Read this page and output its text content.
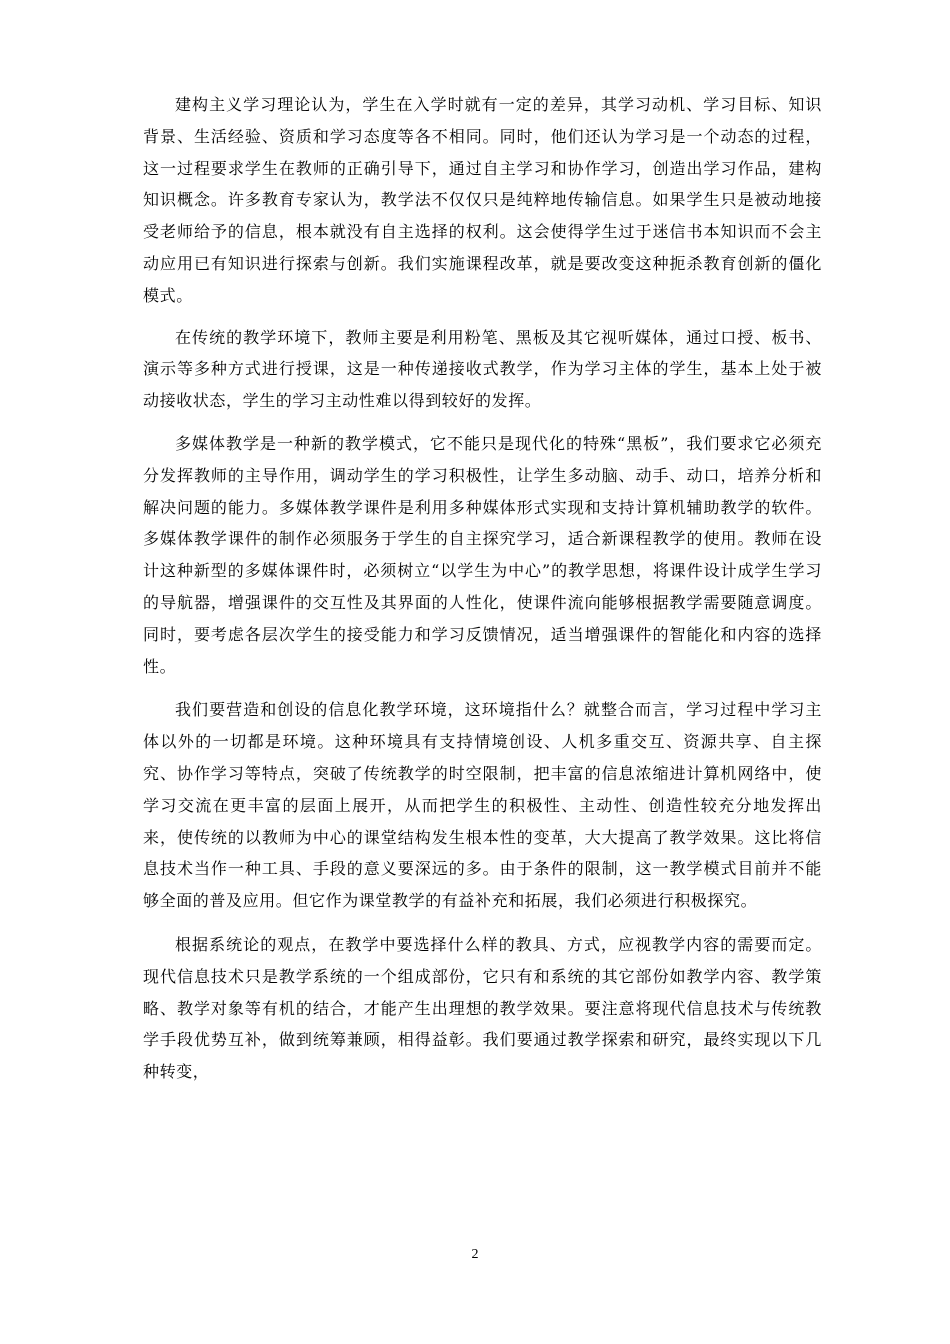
建构主义学习理论认为，学生在入学时就有一定的差异，其学习动机、学习目标、知识背景、生活经验、资质和学习态度等各不相同。同时，他们还认为学习是一个动态的过程，这一过程要求学生在教师的正确引导下，通过自主学习和协作学习，创造出学习作品，建构知识概念。许多教育专家认为，教学法不仅仅只是纯粹地传输信息。如果学生只是被动地接受老师给予的信息，根本就没有自主选择的权利。这会使得学生过于迷信书本知识而不会主动应用已有知识进行探索与创新。我们实施课程改革，就是要改变这种扼杀教育创新的僵化模式。

在传统的教学环境下，教师主要是利用粉笔、黑板及其它视听媒体，通过口授、板书、演示等多种方式进行授课，这是一种传递接收式教学，作为学习主体的学生，基本上处于被动接收状态，学生的学习主动性难以得到较好的发挥。

多媒体教学是一种新的教学模式，它不能只是现代化的特殊“黑板”，我们要求它必须充分发挥教师的主导作用，调动学生的学习积极性，让学生多动脑、动手、动口，培养分析和解决问题的能力。多媒体教学课件是利用多种媒体形式实现和支持计算机辅助教学的软件。多媒体教学课件的制作必须服务于学生的自主探究学习，适合新课程教学的使用。教师在设计这种新型的多媒体课件时，必须树立“以学生为中心”的教学思想，将课件设计成学生学习的导航器，增强课件的交互性及其界面的人性化，使课件流向能够根据教学需要随意调度。同时，要考虑各层次学生的接受能力和学习反馈情况，适当增强课件的智能化和内容的选择性。

我们要营造和创设的信息化教学环境，这环境指什么？就整合而言，学习过程中学习主体以外的一切都是环境。这种环境具有支持情境创设、人机多重交互、资源共享、自主探究、协作学习等特点，突破了传统教学的时空限制，把丰富的信息浓缩进计算机网络中，使学习交流在更丰富的层面上展开，从而把学生的积极性、主动性、创造性较充分地发挥出来，使传统的以教师为中心的课堂结构发生根本性的变革，大大提高了教学效果。这比将信息技术当作一种工具、手段的意义要深远的多。由于条件的限制，这一教学模式目前并不能够全面的普及应用。但它作为课堂教学的有益补充和拓展，我们必须进行积极探究。

根据系统论的观点，在教学中要选择什么样的教具、方式，应视教学内容的需要而定。现代信息技术只是教学系统的一个组成部份，它只有和系统的其它部份如教学内容、教学策略、教学对象等有机的结合，才能产生出理想的教学效果。要注意将现代信息技术与传统教学手段优势互补，做到统筹兼顾，相得益彰。我们要通过教学探索和研究，最终实现以下几种转变，

2
